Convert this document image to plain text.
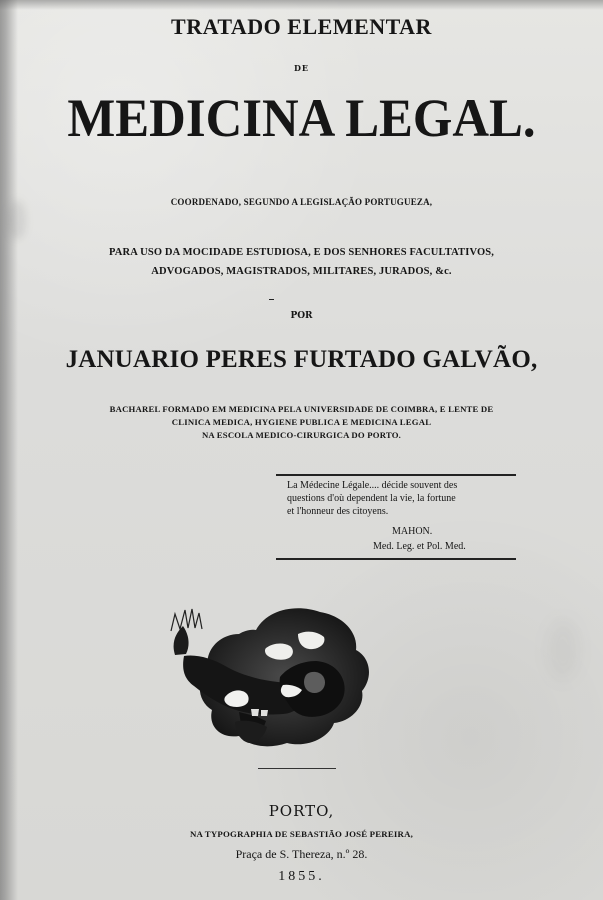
TRATADO ELEMENTAR
DE
MEDICINA LEGAL.
COORDENADO, SEGUNDO A LEGISLAÇÃO PORTUGUEZA,
PARA USO DA MOCIDADE ESTUDIOSA, E DOS SENHORES FACULTATIVOS,
ADVOGADOS, MAGISTRADOS, MILITARES, JURADOS, &c.
POR
JANUARIO PERES FURTADO GALVÃO,
BACHAREL FORMADO EM MEDICINA PELA UNIVERSIDADE DE COIMBRA, E LENTE DE
CLINICA MEDICA, HYGIENE PUBLICA E MEDICINA LEGAL
NA ESCOLA MEDICO-CIRURGICA DO PORTO.
La Médecine Légale.... décide souvent des
questions d'où dependent la vie, la fortune
et l'honneur des citoyens.
MAHON.
Med. Leg. et Pol. Med.
PORTO,
NA TYPOGRAPHIA DE SEBASTIÃO JOSÉ PEREIRA,
Praça de S. Thereza, n.º 28.
1855.
